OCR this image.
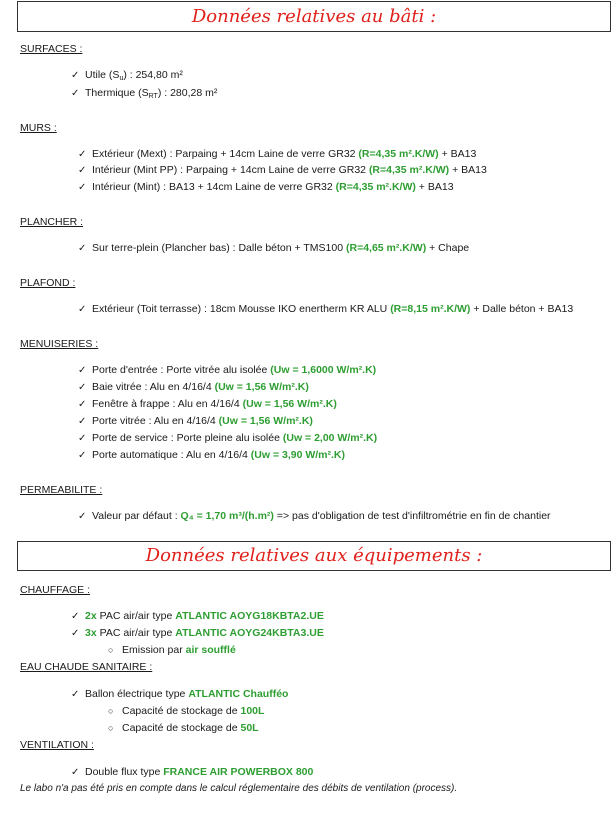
Données relatives au bâti :
SURFACES :
✓ Utile $(S_u)$ : 254,80 m²
✓ Thermique $(S_{RT})$ : 280,28 m²
MURS :
✓ Extérieur (Mext) : Parpaing + 14cm Laine de verre GR32 (R=4,35 m².K/W) + BA13
✓ Intérieur (Mint PP) : Parpaing + 14cm Laine de verre GR32 (R=4,35 m².K/W) + BA13
✓ Intérieur (Mint) : BA13 + 14cm Laine de verre GR32 (R=4,35 m².K/W) + BA13
PLANCHER :
✓ Sur terre-plein (Plancher bas) : Dalle béton + TMS100 (R=4,65 m².K/W) + Chape
PLAFOND :
✓ Extérieur (Toit terrasse) : 18cm Mousse IKO enertherm KR ALU (R=8,15 m².K/W) + Dalle béton + BA13
MENUISERIES :
✓ Porte d'entrée : Porte vitrée alu isolée (Uw = 1,6000 W/m².K)
✓ Baie vitrée : Alu en 4/16/4 (Uw = 1,56 W/m².K)
✓ Fenêtre à frappe : Alu en 4/16/4 (Uw = 1,56 W/m².K)
✓ Porte vitrée : Alu en 4/16/4 (Uw = 1,56 W/m².K)
✓ Porte de service : Porte pleine alu isolée (Uw = 2,00 W/m².K)
✓ Porte automatique : Alu en 4/16/4 (Uw = 3,90 W/m².K)
PERMEABILITE :
✓ Valeur par défaut : Q₄ = 1,70 m³/(h.m²) => pas d'obligation de test d'infiltrométrie en fin de chantier
Données relatives aux équipements :
CHAUFFAGE :
✓ 2x PAC air/air type ATLANTIC AOYG18KBTA2.UE
✓ 3x PAC air/air type ATLANTIC AOYG24KBTA3.UE
○ Emission par air soufflé
EAU CHAUDE SANITAIRE :
✓ Ballon électrique type ATLANTIC Chaufféo
○ Capacité de stockage de 100L
○ Capacité de stockage de 50L
VENTILATION :
✓ Double flux type FRANCE AIR POWERBOX 800
Le labo n'a pas été pris en compte dans le calcul réglementaire des débits de ventilation (process).
